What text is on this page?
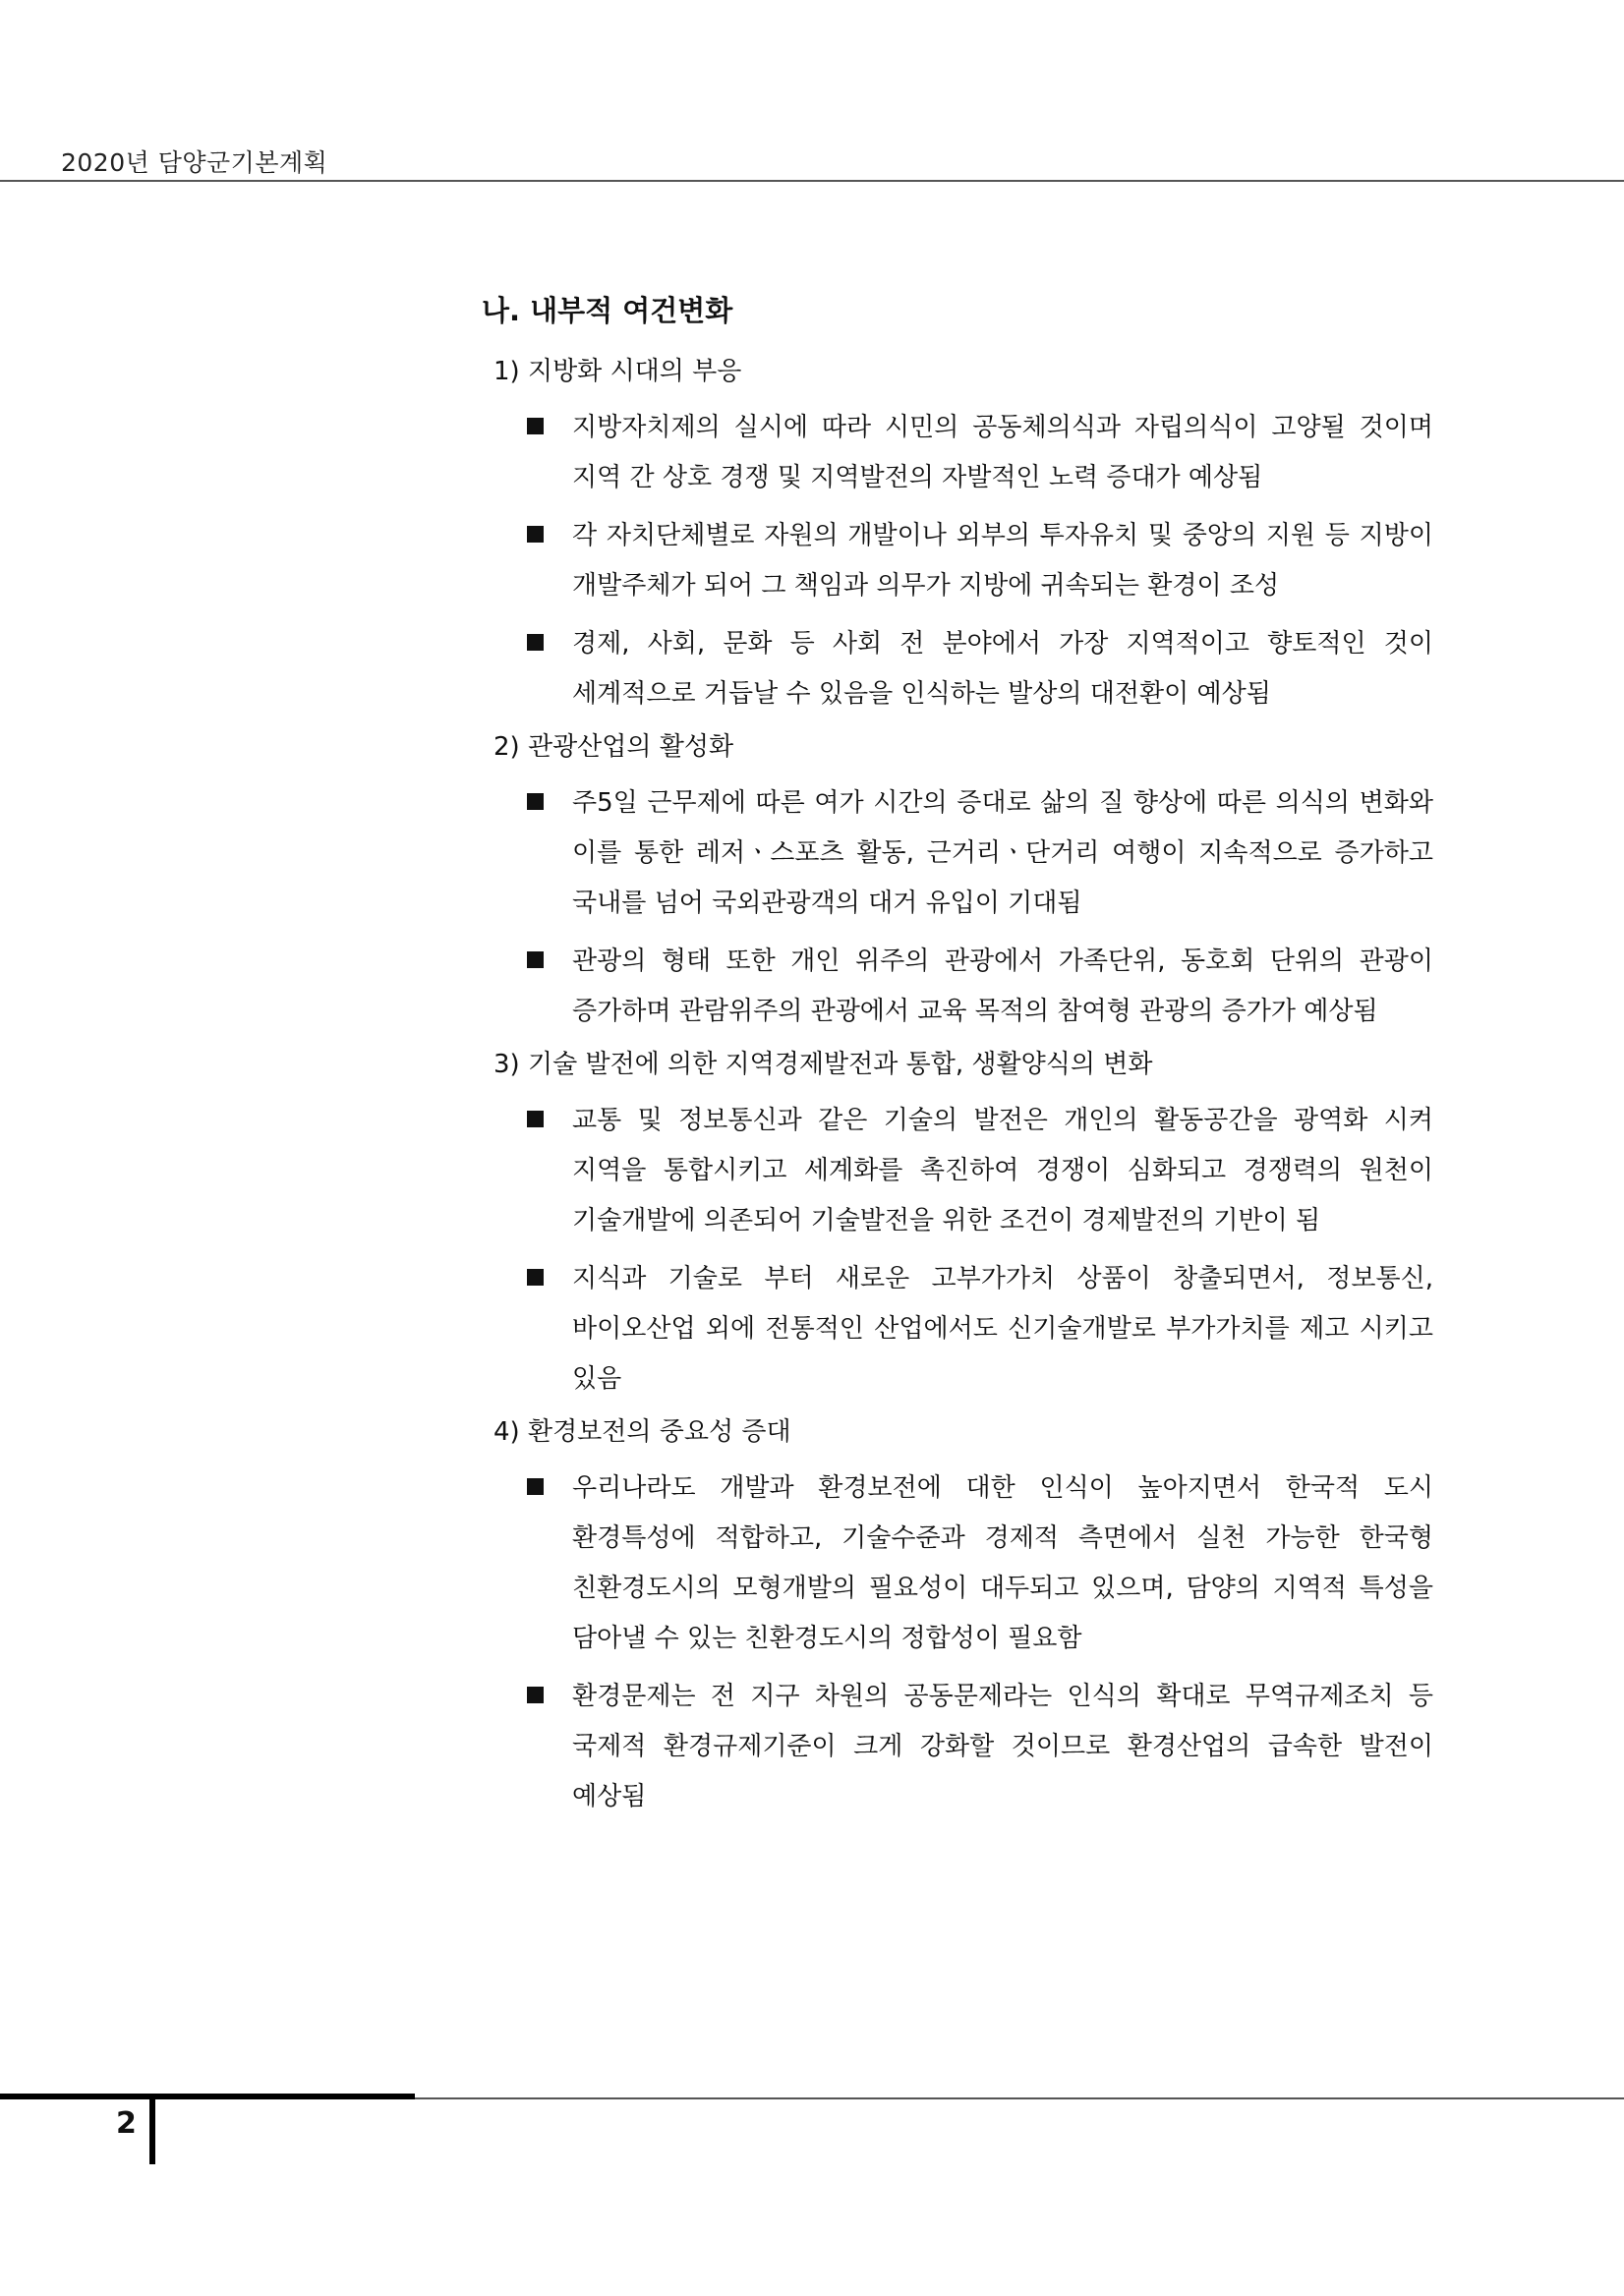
2020년 담양군기본계획
나. 내부적 여건변화
1) 지방화 시대의 부응
지방자치제의 실시에 따라 시민의 공동체의식과 자립의식이 고양될 것이며 지역 간 상호 경쟁 및 지역발전의 자발적인 노력 증대가 예상됨
각 자치단체별로 자원의 개발이나 외부의 투자유치 및 중앙의 지원 등 지방이 개발주체가 되어 그 책임과 의무가 지방에 귀속되는 환경이 조성
경제, 사회, 문화 등 사회 전 분야에서 가장 지역적이고 향토적인 것이 세계적으로 거듭날 수 있음을 인식하는 발상의 대전환이 예상됨
2) 관광산업의 활성화
주5일 근무제에 따른 여가 시간의 증대로 삶의 질 향상에 따른 의식의 변화와 이를 통한 레저ㆍ스포츠 활동, 근거리ㆍ단거리 여행이 지속적으로 증가하고 국내를 넘어 국외관광객의 대거 유입이 기대됨
관광의 형태 또한 개인 위주의 관광에서 가족단위, 동호회 단위의 관광이 증가하며 관람위주의 관광에서 교육 목적의 참여형 관광의 증가가 예상됨
3) 기술 발전에 의한 지역경제발전과 통합, 생활양식의 변화
교통 및 정보통신과 같은 기술의 발전은 개인의 활동공간을 광역화 시켜 지역을 통합시키고 세계화를 촉진하여 경쟁이 심화되고 경쟁력의 원천이 기술개발에 의존되어 기술발전을 위한 조건이 경제발전의 기반이 됨
지식과 기술로 부터 새로운 고부가가치 상품이 창출되면서, 정보통신, 바이오산업 외에 전통적인 산업에서도 신기술개발로 부가가치를 제고 시키고 있음
4) 환경보전의 중요성 증대
우리나라도 개발과 환경보전에 대한 인식이 높아지면서 한국적 도시 환경특성에 적합하고, 기술수준과 경제적 측면에서 실천 가능한 한국형 친환경도시의 모형개발의 필요성이 대두되고 있으며, 담양의 지역적 특성을 담아낼 수 있는 친환경도시의 정합성이 필요함
환경문제는 전 지구 차원의 공동문제라는 인식의 확대로 무역규제조치 등 국제적 환경규제기준이 크게 강화할 것이므로 환경산업의 급속한 발전이 예상됨
2
